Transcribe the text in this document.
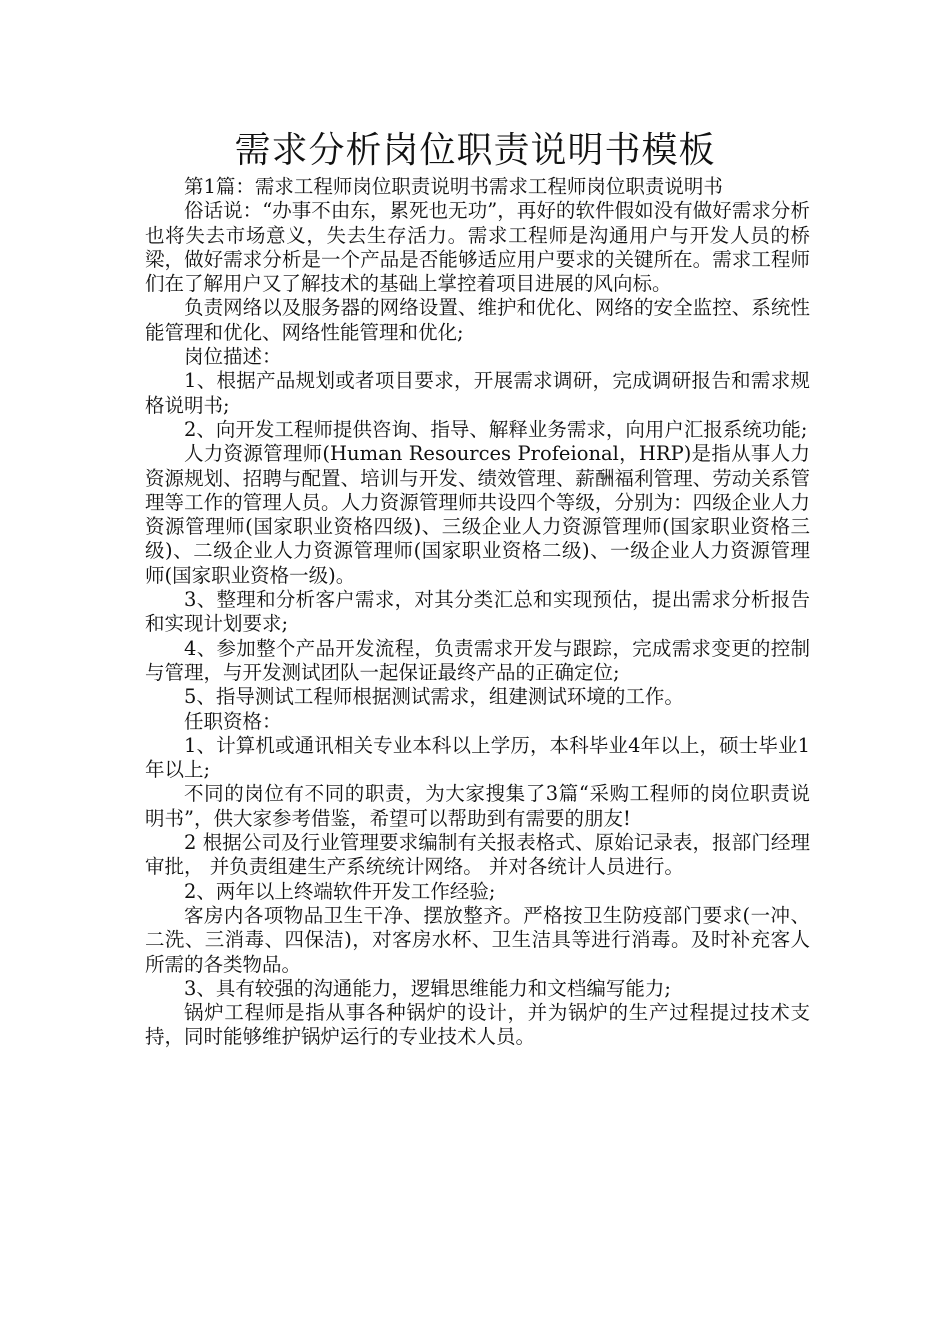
需求分析岗位职责说明书模板

第1篇：需求工程师岗位职责说明书需求工程师岗位职责说明书

俗话说：“办事不由东，累死也无功”，再好的软件假如没有做好需求分析也将失去市场意义，失去生存活力。需求工程师是沟通用户与开发人员的桥梁，做好需求分析是一个产品是否能够适应用户要求的关键所在。需求工程师们在了解用户又了解技术的基础上掌控着项目进展的风向标。

负责网络以及服务器的网络设置、维护和优化、网络的安全监控、系统性能管理和优化、网络性能管理和优化;

岗位描述：

1、根据产品规划或者项目要求，开展需求调研，完成调研报告和需求规格说明书;

2、向开发工程师提供咨询、指导、解释业务需求，向用户汇报系统功能;

人力资源管理师(Human Resources Profeional，HRP)是指从事人力资源规划、招聘与配置、培训与开发、绩效管理、薪酬福利管理、劳动关系管理等工作的管理人员。人力资源管理师共设四个等级，分别为：四级企业人力资源管理师(国家职业资格四级)、三级企业人力资源管理师(国家职业资格三级)、二级企业人力资源管理师(国家职业资格二级)、一级企业人力资源管理师(国家职业资格一级)。

3、整理和分析客户需求，对其分类汇总和实现预估，提出需求分析报告和实现计划要求;

4、参加整个产品开发流程，负责需求开发与跟踪，完成需求变更的控制与管理，与开发测试团队一起保证最终产品的正确定位;

5、指导测试工程师根据测试需求，组建测试环境的工作。

任职资格：

1、计算机或通讯相关专业本科以上学历，本科毕业4年以上，硕士毕业1年以上;

不同的岗位有不同的职责，为大家搜集了3篇“采购工程师的岗位职责说明书”，供大家参考借鉴，希望可以帮助到有需要的朋友!

2 根据公司及行业管理要求编制有关报表格式、原始记录表，报部门经理审批， 并负责组建生产系统统计网络。 并对各统计人员进行。

2、两年以上终端软件开发工作经验;

客房内各项物品卫生干净、摆放整齐。严格按卫生防疫部门要求(一冲、二洗、三消毒、四保洁)，对客房水杯、卫生洁具等进行消毒。及时补充客人所需的各类物品。

3、具有较强的沟通能力，逻辑思维能力和文档编写能力;

锅炉工程师是指从事各种锅炉的设计，并为锅炉的生产过程提过技术支持，同时能够维护锅炉运行的专业技术人员。
